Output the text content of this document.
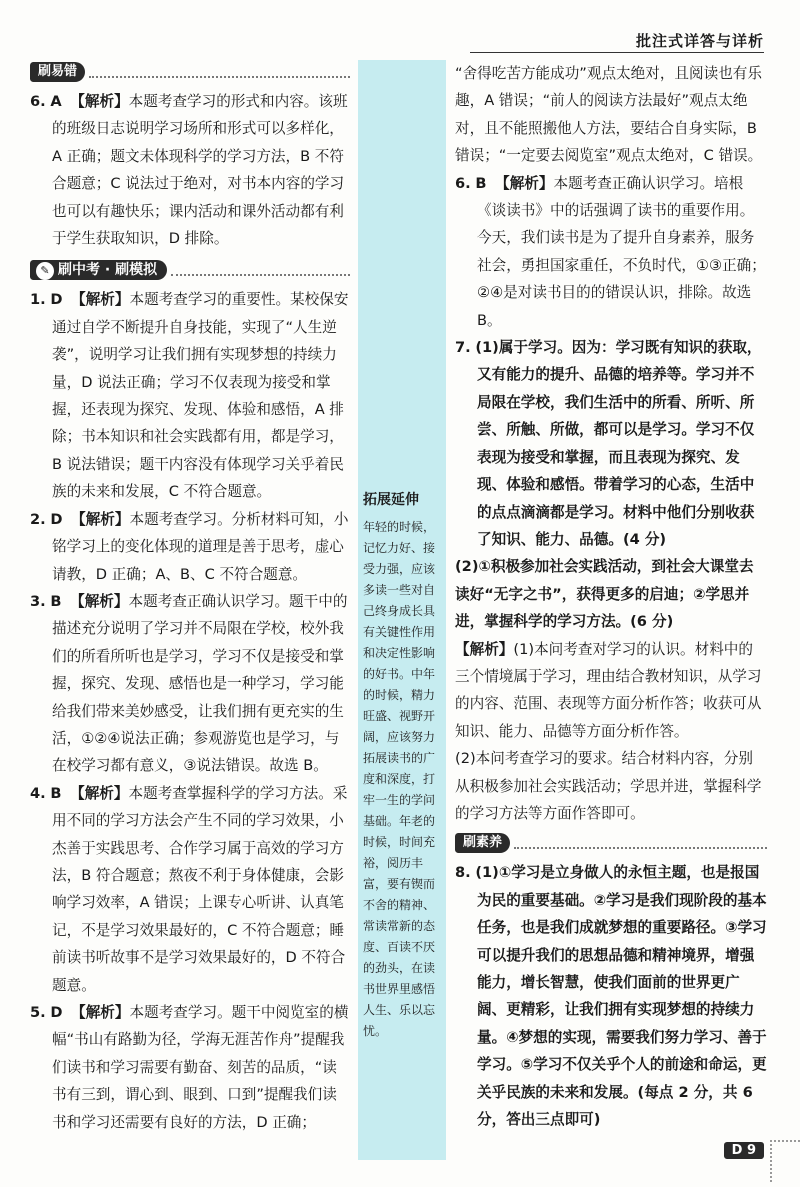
批注式详答与详析
拓展延伸
年轻的时候，记忆力好、接受力强，应该多读一些对自己终身成长具有关键性作用和决定性影响的好书。中年的时候，精力旺盛、视野开阔，应该努力拓展读书的广度和深度，打牢一生的学问基础。年老的时候，时间充裕，阅历丰富，要有锲而不舍的精神、常读常新的态度、百读不厌的劲头，在读书世界里感悟人生、乐以忘忧。
刷易错

6. A 【解析】本题考查学习的形式和内容。该班的班级日志说明学习场所和形式可以多样化，A 正确；题文未体现科学的学习方法，B 不符合题意；C 说法过于绝对，对书本内容的学习也可以有趣快乐；课内活动和课外活动都有利于学生获取知识，D 排除。

✎ 刷中考 · 刷模拟

1. D 【解析】本题考查学习的重要性。某校保安通过自学不断提升自身技能，实现了“人生逆袭”，说明学习让我们拥有实现梦想的持续力量，D 说法正确；学习不仅表现为接受和掌握，还表现为探究、发现、体验和感悟，A 排除；书本知识和社会实践都有用，都是学习，B 说法错误；题干内容没有体现学习关乎着民族的未来和发展，C 不符合题意。

2. D 【解析】本题考查学习。分析材料可知，小铭学习上的变化体现的道理是善于思考，虚心请教，D 正确；A、B、C 不符合题意。

3. B 【解析】本题考查正确认识学习。题干中的描述充分说明了学习并不局限在学校，校外我们的所看所听也是学习，学习不仅是接受和掌握，探究、发现、感悟也是一种学习，学习能给我们带来美妙感受，让我们拥有更充实的生活，①②④说法正确；参观游览也是学习，与在校学习都有意义，③说法错误。故选 B。

4. B 【解析】本题考查掌握科学的学习方法。采用不同的学习方法会产生不同的学习效果，小杰善于实践思考、合作学习属于高效的学习方法，B 符合题意；熬夜不利于身体健康，会影响学习效率，A 错误；上课专心听讲、认真笔记，不是学习效果最好的，C 不符合题意；睡前读书听故事不是学习效果最好的，D 不符合题意。

5. D 【解析】本题考查学习。题干中阅览室的横幅“书山有路勤为径，学海无涯苦作舟”提醒我们读书和学习需要有勤奋、刻苦的品质，“读书有三到，谓心到、眼到、口到”提醒我们读书和学习还需要有良好的方法，D 正确；

“舍得吃苦方能成功”观点太绝对，且阅读也有乐趣，A 错误；“前人的阅读方法最好”观点太绝对，且不能照搬他人方法，要结合自身实际，B 错误；“一定要去阅览室”观点太绝对，C 错误。

6. B 【解析】本题考查正确认识学习。培根《谈读书》中的话强调了读书的重要作用。今天，我们读书是为了提升自身素养，服务社会，勇担国家重任，不负时代，①③正确；②④是对读书目的的错误认识，排除。故选 B。

7. (1)属于学习。因为：学习既有知识的获取，又有能力的提升、品德的培养等。学习并不局限在学校，我们生活中的所看、所听、所尝、所触、所做，都可以是学习。学习不仅表现为接受和掌握，而且表现为探究、发现、体验和感悟。带着学习的心态，生活中的点点滴滴都是学习。材料中他们分别收获了知识、能力、品德。(4 分)

(2)①积极参加社会实践活动，到社会大课堂去读好“无字之书”，获得更多的启迪；②学思并进，掌握科学的学习方法。(6 分)

【解析】(1)本问考查对学习的认识。材料中的三个情境属于学习，理由结合教材知识，从学习的内容、范围、表现等方面分析作答；收获可从知识、能力、品德等方面分析作答。

(2)本问考查学习的要求。结合材料内容，分别从积极参加社会实践活动；学思并进，掌握科学的学习方法等方面作答即可。

刷素养

8. (1)①学习是立身做人的永恒主题，也是报国为民的重要基础。②学习是我们现阶段的基本任务，也是我们成就梦想的重要路径。③学习可以提升我们的思想品德和精神境界，增强能力，增长智慧，使我们面前的世界更广阔、更精彩，让我们拥有实现梦想的持续力量。④梦想的实现，需要我们努力学习、善于学习。⑤学习不仅关乎个人的前途和命运，更关乎民族的未来和发展。(每点 2 分，共 6 分，答出三点即可)

D 9
